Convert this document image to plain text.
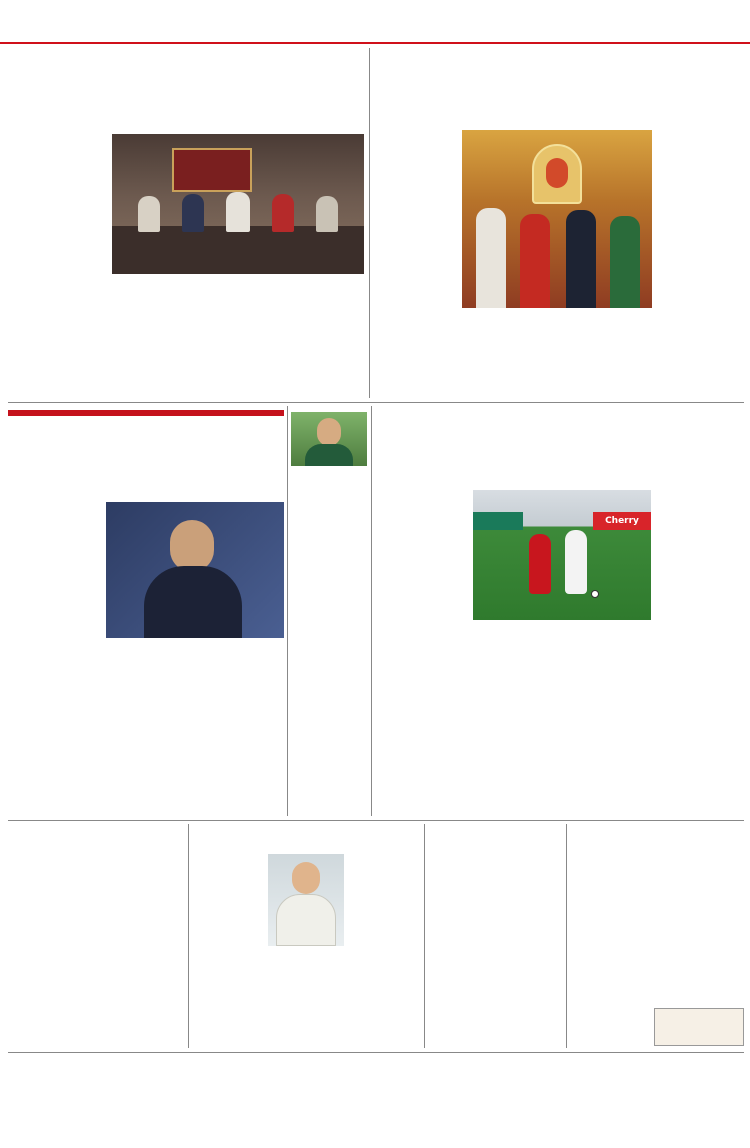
Cherry
